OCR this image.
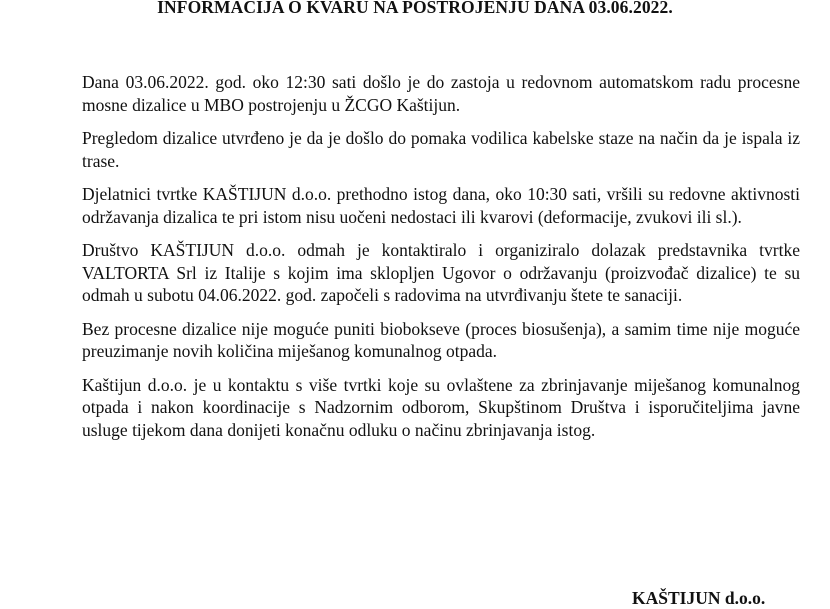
INFORMACIJA O KVARU NA POSTROJENJU DANA 03.06.2022.

Dana 03.06.2022. god. oko 12:30 sati došlo je do zastoja u redovnom automatskom radu procesne mosne dizalice u MBO postrojenju u ŽCGO Kaštijun.

Pregledom dizalice utvrđeno je da je došlo do pomaka vodilica kabelske staze na način da je ispala iz trase.

Djelatnici tvrtke KAŠTIJUN d.o.o. prethodno istog dana, oko 10:30 sati, vršili su redovne aktivnosti održavanja dizalica te pri istom nisu uočeni nedostaci ili kvarovi (deformacije, zvukovi ili sl.).

Društvo KAŠTIJUN d.o.o. odmah je kontaktiralo i organiziralo dolazak predstavnika tvrtke VALTORTA Srl iz Italije s kojim ima sklopljen Ugovor o održavanju (proizvođač dizalice) te su odmah u subotu 04.06.2022. god. započeli s radovima na utvrđivanju štete te sanaciji.

Bez procesne dizalice nije moguće puniti biobokseve (proces biosušenja), a samim time nije moguće preuzimanje novih količina miješanog komunalnog otpada.

Kaštijun d.o.o. je u kontaktu s više tvrtki koje su ovlaštene za zbrinjavanje miješanog komunalnog otpada i nakon koordinacije s Nadzornim odborom, Skupštinom Društva i isporučiteljima javne usluge tijekom dana donijeti konačnu odluku o načinu zbrinjavanja istog.

KAŠTIJUN d.o.o.
